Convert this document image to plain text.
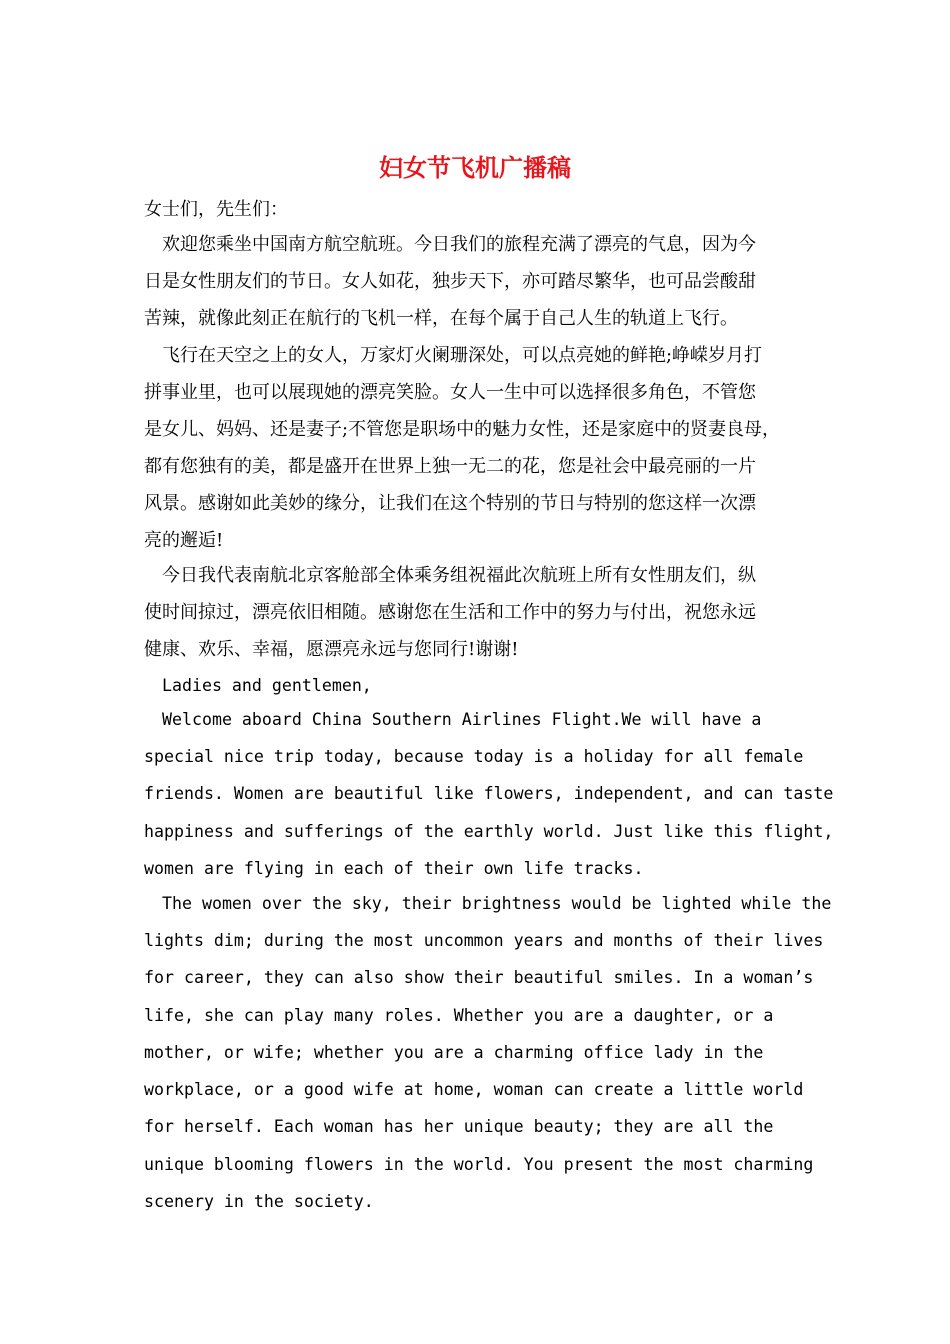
妇女节飞机广播稿
女士们，先生们：
欢迎您乘坐中国南方航空航班。今日我们的旅程充满了漂亮的气息，因为今
日是女性朋友们的节日。女人如花，独步天下，亦可踏尽繁华，也可品尝酸甜
苦辣，就像此刻正在航行的飞机一样，在每个属于自己人生的轨道上飞行。
飞行在天空之上的女人，万家灯火阑珊深处，可以点亮她的鲜艳;峥嵘岁月打
拼事业里，也可以展现她的漂亮笑脸。女人一生中可以选择很多角色，不管您
是女儿、妈妈、还是妻子;不管您是职场中的魅力女性，还是家庭中的贤妻良母，
都有您独有的美，都是盛开在世界上独一无二的花，您是社会中最亮丽的一片
风景。感谢如此美妙的缘分，让我们在这个特别的节日与特别的您这样一次漂
亮的邂逅!
今日我代表南航北京客舱部全体乘务组祝福此次航班上所有女性朋友们，纵
使时间掠过，漂亮依旧相随。感谢您在生活和工作中的努力与付出，祝您永远
健康、欢乐、幸福，愿漂亮永远与您同行!谢谢!
Ladies and gentlemen,
Welcome aboard China Southern Airlines Flight.We will have a
special nice trip today, because today is a holiday for all female
friends. Women are beautiful like flowers, independent, and can taste
happiness and sufferings of the earthly world. Just like this flight,
women are flying in each of their own life tracks.
The women over the sky, their brightness would be lighted while the
lights dim; during the most uncommon years and months of their lives
for career, they can also show their beautiful smiles. In a woman’s
life, she can play many roles. Whether you are a daughter, or a
mother, or wife; whether you are a charming office lady in the
workplace, or a good wife at home, woman can create a little world
for herself. Each woman has her unique beauty; they are all the
unique blooming flowers in the world. You present the most charming
scenery in the society.
